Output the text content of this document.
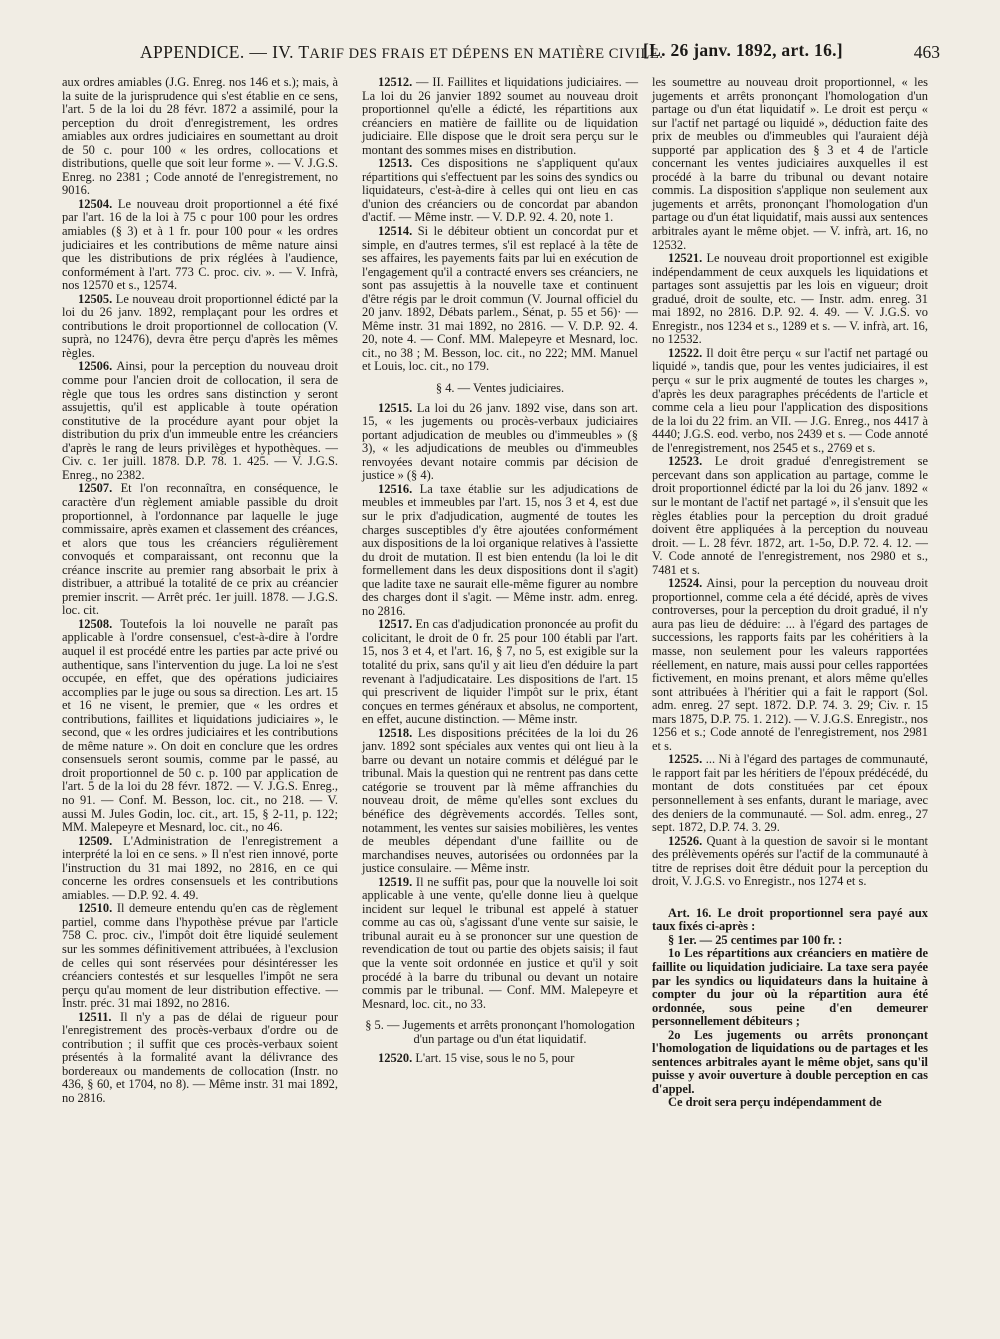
APPENDICE. — IV. TARIF DES FRAIS ET DÉPENS EN MATIÈRE CIVILE.
[L. 26 janv. 1892, art. 16.]	463

aux ordres amiables (J.G. Enreg. nos 146 et s.); mais, à la suite de la jurisprudence qui s'est établie en ce sens, l'art. 5 de la loi du 28 févr. 1872 a assimilé, pour la perception du droit d'enregistrement, les ordres amiables aux ordres judiciaires en soumettant au droit de 50 c. pour 100 « les ordres, collocations et distributions, quelle que soit leur forme ». — V. J.G.S. Enreg. no 2381 ; Code annoté de l'enregistrement, no 9016.

12504. Le nouveau droit proportionnel a été fixé par l'art. 16 de la loi à 75 c pour 100 pour les ordres amiables (§ 3) et à 1 fr. pour 100 pour « les ordres judiciaires et les contributions de même nature ainsi que les distributions de prix réglées à l'audience, conformément à l'art. 773 C. proc. civ. ». — V. Infrà, nos 12570 et s., 12574.

12505. Le nouveau droit proportionnel édicté par la loi du 26 janv. 1892, remplaçant pour les ordres et contributions le droit proportionnel de collocation (V. suprà, no 12476), devra être perçu d'après les mêmes règles.

12506. Ainsi, pour la perception du nouveau droit comme pour l'ancien droit de collocation, il sera de règle que tous les ordres sans distinction y seront assujettis, qu'il est applicable à toute opération constitutive de la procédure ayant pour objet la distribution du prix d'un immeuble entre les créanciers d'après le rang de leurs privilèges et hypothèques. — Civ. c. 1er juill. 1878. D.P. 78. 1. 425. — V. J.G.S. Enreg., no 2382.

12507. Et l'on reconnaîtra, en conséquence, le caractère d'un règlement amiable passible du droit proportionnel, à l'ordonnance par laquelle le juge commissaire, après examen et classement des créances, et alors que tous les créanciers régulièrement convoqués et comparaissant, ont reconnu que la créance inscrite au premier rang absorbait le prix à distribuer, a attribué la totalité de ce prix au créancier premier inscrit. — Arrêt préc. 1er juill. 1878. — J.G.S. loc. cit.

12508. Toutefois la loi nouvelle ne paraît pas applicable à l'ordre consensuel, c'est-à-dire à l'ordre auquel il est procédé entre les parties par acte privé ou authentique, sans l'intervention du juge. La loi ne s'est occupée, en effet, que des opérations judiciaires accomplies par le juge ou sous sa direction. Les art. 15 et 16 ne visent, le premier, que « les ordres et contributions, faillites et liquidations judiciaires », le second, que « les ordres judiciaires et les contributions de même nature ». On doit en conclure que les ordres consensuels seront soumis, comme par le passé, au droit proportionnel de 50 c. p. 100 par application de l'art. 5 de la loi du 28 févr. 1872. — V. J.G.S. Enreg., no 91. — Conf. M. Besson, loc. cit., no 218. — V. aussi M. Jules Godin, loc. cit., art. 15, § 2-11, p. 122; MM. Malepeyre et Mesnard, loc. cit., no 46.

12509. L'Administration de l'enregistrement a interprété la loi en ce sens. » Il n'est rien innové, porte l'instruction du 31 mai 1892, no 2816, en ce qui concerne les ordres consensuels et les contributions amiables. — D.P. 92. 4. 49.

12510. Il demeure entendu qu'en cas de règlement partiel, comme dans l'hypothèse prévue par l'article 758 C. proc. civ., l'impôt doit être liquidé seulement sur les sommes définitivement attribuées, à l'exclusion de celles qui sont réservées pour désintéresser les créanciers contestés et sur lesquelles l'impôt ne sera perçu qu'au moment de leur distribution effective. — Instr. préc. 31 mai 1892, no 2816.

12511. Il n'y a pas de délai de rigueur pour l'enregistrement des procès-verbaux d'ordre ou de contribution ; il suffit que ces procès-verbaux soient présentés à la formalité avant la délivrance des bordereaux ou mandements de collocation (Instr. no 436, § 60, et 1704, no 8). — Même instr. 31 mai 1892, no 2816.

12512. — II. Faillites et liquidations judiciaires. — La loi du 26 janvier 1892 soumet au nouveau droit proportionnel qu'elle a édicté, les répartitions aux créanciers en matière de faillite ou de liquidation judiciaire. Elle dispose que le droit sera perçu sur le montant des sommes mises en distribution.

12513. Ces dispositions ne s'appliquent qu'aux répartitions qui s'effectuent par les soins des syndics ou liquidateurs, c'est-à-dire à celles qui ont lieu en cas d'union des créanciers ou de concordat par abandon d'actif. — Même instr. — V. D.P. 92. 4. 20, note 1.

12514. Si le débiteur obtient un concordat pur et simple, en d'autres termes, s'il est replacé à la tête de ses affaires, les payements faits par lui en exécution de l'engagement qu'il a contracté envers ses créanciers, ne sont pas assujettis à la nouvelle taxe et continuent d'être régis par le droit commun (V. Journal officiel du 20 janv. 1892, Débats parlem., Sénat, p. 55 et 56)· — Même instr. 31 mai 1892, no 2816. — V. D.P. 92. 4. 20, note 4. — Conf. MM. Malepeyre et Mesnard, loc. cit., no 38 ; M. Besson, loc. cit., no 222; MM. Manuel et Louis, loc. cit., no 179.

§ 4. — Ventes judiciaires.

12515. La loi du 26 janv. 1892 vise, dans son art. 15, « les jugements ou procès-verbaux judiciaires portant adjudication de meubles ou d'immeubles » (§ 3), « les adjudications de meubles ou d'immeubles renvoyées devant notaire commis par décision de justice » (§ 4).

12516. La taxe établie sur les adjudications de meubles et immeubles par l'art. 15, nos 3 et 4, est due sur le prix d'adjudication, augmenté de toutes les charges susceptibles d'y être ajoutées conformément aux dispositions de la loi organique relatives à l'assiette du droit de mutation. Il est bien entendu (la loi le dit formellement dans les deux dispositions dont il s'agit) que ladite taxe ne saurait elle-même figurer au nombre des charges dont il s'agit. — Même instr. adm. enreg. no 2816.

12517. En cas d'adjudication prononcée au profit du colicitant, le droit de 0 fr. 25 pour 100 établi par l'art. 15, nos 3 et 4, et l'art. 16, § 7, no 5, est exigible sur la totalité du prix, sans qu'il y ait lieu d'en déduire la part revenant à l'adjudicataire. Les dispositions de l'art. 15 qui prescrivent de liquider l'impôt sur le prix, étant conçues en termes généraux et absolus, ne comportent, en effet, aucune distinction. — Même instr.

12518. Les dispositions précitées de la loi du 26 janv. 1892 sont spéciales aux ventes qui ont lieu à la barre ou devant un notaire commis et délégué par le tribunal. Mais la question qui ne rentrent pas dans cette catégorie se trouvent par là même affranchies du nouveau droit, de même qu'elles sont exclues du bénéfice des dégrèvements accordés. Telles sont, notamment, les ventes sur saisies mobilières, les ventes de meubles dépendant d'une faillite ou de marchandises neuves, autorisées ou ordonnées par la justice consulaire. — Même instr.

12519. Il ne suffit pas, pour que la nouvelle loi soit applicable à une vente, qu'elle donne lieu à quelque incident sur lequel le tribunal est appelé à statuer comme au cas où, s'agissant d'une vente sur saisie, le tribunal aurait eu à se prononcer sur une question de revendication de tout ou partie des objets saisis; il faut que la vente soit ordonnée en justice et qu'il y soit procédé à la barre du tribunal ou devant un notaire commis par le tribunal. — Conf. MM. Malepeyre et Mesnard, loc. cit., no 33.

§ 5. — Jugements et arrêts prononçant l'homologation d'un partage ou d'un état liquidatif.

12520. L'art. 15 vise, sous le no 5, pour

les soumettre au nouveau droit proportionnel, « les jugements et arrêts prononçant l'homologation d'un partage ou d'un état liquidatif ». Le droit est perçu « sur l'actif net partagé ou liquidé », déduction faite des prix de meubles ou d'immeubles qui l'auraient déjà supporté par application des § 3 et 4 de l'article concernant les ventes judiciaires auxquelles il est procédé à la barre du tribunal ou devant notaire commis. La disposition s'applique non seulement aux jugements et arrêts, prononçant l'homologation d'un partage ou d'un état liquidatif, mais aussi aux sentences arbitrales ayant le même objet. — V. infrà, art. 16, no 12532.

12521. Le nouveau droit proportionnel est exigible indépendamment de ceux auxquels les liquidations et partages sont assujettis par les lois en vigueur; droit gradué, droit de soulte, etc. — Instr. adm. enreg. 31 mai 1892, no 2816. D.P. 92. 4. 49. — V. J.G.S. vo Enregistr., nos 1234 et s., 1289 et s. — V. infrà, art. 16, no 12532.

12522. Il doit être perçu « sur l'actif net partagé ou liquidé », tandis que, pour les ventes judiciaires, il est perçu « sur le prix augmenté de toutes les charges », d'après les deux paragraphes précédents de l'article et comme cela a lieu pour l'application des dispositions de la loi du 22 frim. an VII. — J.G. Enreg., nos 4417 à 4440; J.G.S. eod. verbo, nos 2439 et s. — Code annoté de l'enregistrement, nos 2545 et s., 2769 et s.

12523. Le droit gradué d'enregistrement se percevant dans son application au partage, comme le droit proportionnel édicté par la loi du 26 janv. 1892 « sur le montant de l'actif net partagé », il s'ensuit que les règles établies pour la perception du droit gradué doivent être appliquées à la perception du nouveau droit. — L. 28 févr. 1872, art. 1-5o, D.P. 72. 4. 12. — V. Code annoté de l'enregistrement, nos 2980 et s., 7481 et s.

12524. Ainsi, pour la perception du nouveau droit proportionnel, comme cela a été décidé, après de vives controverses, pour la perception du droit gradué, il n'y aura pas lieu de déduire: ... à l'égard des partages de successions, les rapports faits par les cohéritiers à la masse, non seulement pour les valeurs rapportées réellement, en nature, mais aussi pour celles rapportées fictivement, en moins prenant, et alors même qu'elles sont attribuées à l'héritier qui a fait le rapport (Sol. adm. enreg. 27 sept. 1872. D.P. 74. 3. 29; Civ. r. 15 mars 1875, D.P. 75. 1. 212). — V. J.G.S. Enregistr., nos 1256 et s.; Code annoté de l'enregistrement, nos 2981 et s.

12525. ... Ni à l'égard des partages de communauté, le rapport fait par les héritiers de l'époux prédécédé, du montant de dots constituées par cet époux personnellement à ses enfants, durant le mariage, avec des deniers de la communauté. — Sol. adm. enreg., 27 sept. 1872, D.P. 74. 3. 29.

12526. Quant à la question de savoir si le montant des prélèvements opérés sur l'actif de la communauté à titre de reprises doit être déduit pour la perception du droit, V. J.G.S. vo Enregistr., nos 1274 et s.

Art. 16. Le droit proportionnel sera payé aux taux fixés ci-après :

§ 1er. — 25 centimes par 100 fr. :

1o Les répartitions aux créanciers en matière de faillite ou liquidation judiciaire. La taxe sera payée par les syndics ou liquidateurs dans la huitaine à compter du jour où la répartition aura été ordonnée, sous peine d'en demeurer personnellement débiteurs ;

2o Les jugements ou arrêts prononçant l'homologation de liquidations ou de partages et les sentences arbitrales ayant le même objet, sans qu'il puisse y avoir ouverture à double perception en cas d'appel.

Ce droit sera perçu indépendamment de
